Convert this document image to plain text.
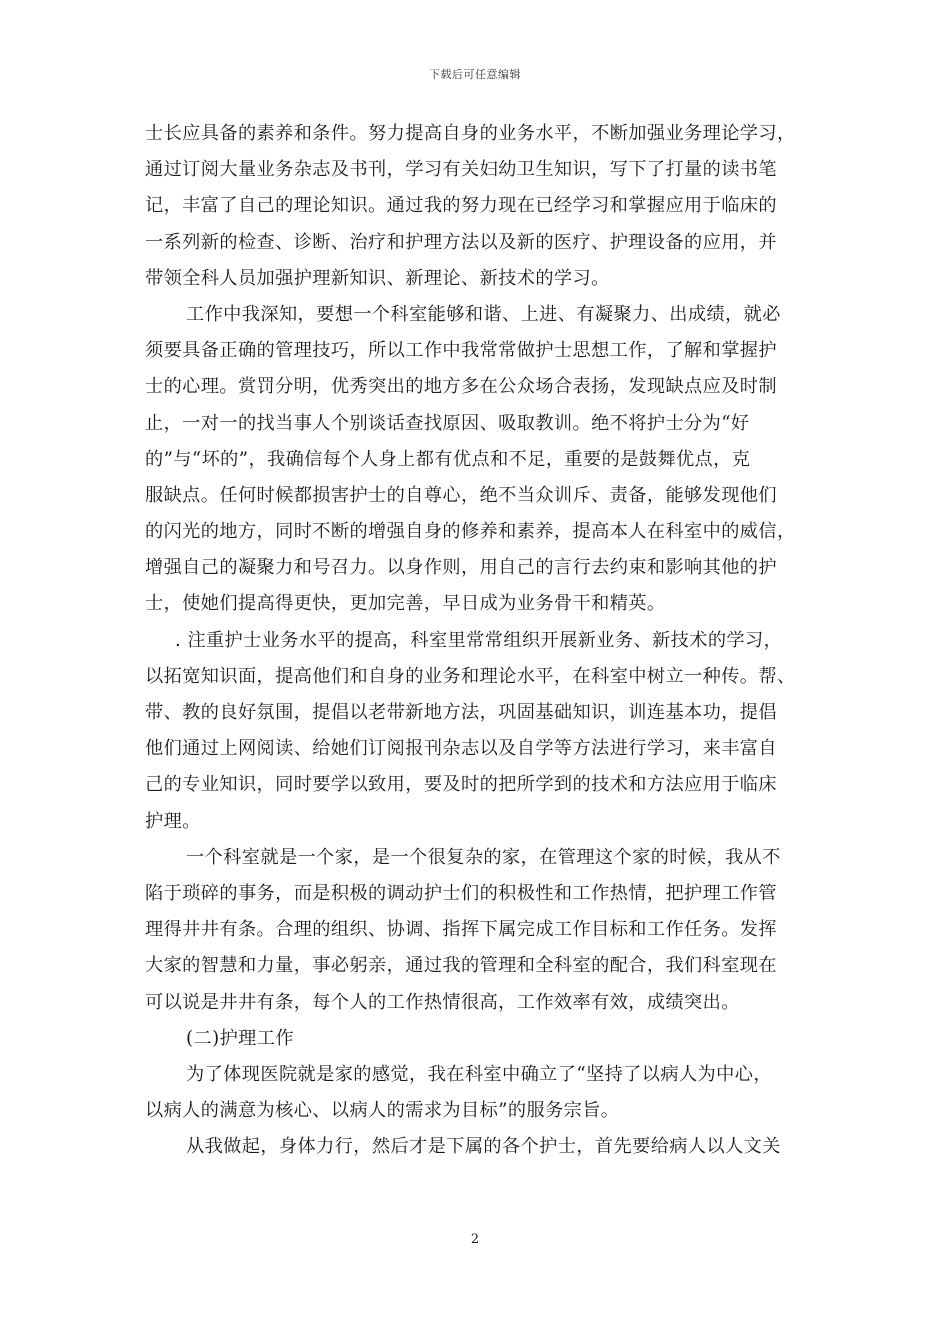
下载后可任意编辑
士长应具备的素养和条件。努力提高自身的业务水平，不断加强业务理论学习，
通过订阅大量业务杂志及书刊，学习有关妇幼卫生知识，写下了打量的读书笔
记，丰富了自己的理论知识。通过我的努力现在已经学习和掌握应用于临床的
一系列新的检查、诊断、治疗和护理方法以及新的医疗、护理设备的应用，并
带领全科人员加强护理新知识、新理论、新技术的学习。
工作中我深知，要想一个科室能够和谐、上进、有凝聚力、出成绩，就必
须要具备正确的管理技巧，所以工作中我常常做护士思想工作，了解和掌握护
士的心理。赏罚分明，优秀突出的地方多在公众场合表扬，发现缺点应及时制
止，一对一的找当事人个别谈话查找原因、吸取教训。绝不将护士分为“好
的”与“坏的”，我确信每个人身上都有优点和不足，重要的是鼓舞优点，克
服缺点。任何时候都损害护士的自尊心，绝不当众训斥、责备，能够发现他们
的闪光的地方，同时不断的增强自身的修养和素养，提高本人在科室中的威信，
增强自己的凝聚力和号召力。以身作则，用自己的言行去约束和影响其他的护
士，使她们提高得更快，更加完善，早日成为业务骨干和精英。
. 注重护士业务水平的提高，科室里常常组织开展新业务、新技术的学习，
以拓宽知识面，提高他们和自身的业务和理论水平，在科室中树立一种传。帮、
带、教的良好氛围，提倡以老带新地方法，巩固基础知识，训连基本功，提倡
他们通过上网阅读、给她们订阅报刊杂志以及自学等方法进行学习，来丰富自
己的专业知识，同时要学以致用，要及时的把所学到的技术和方法应用于临床
护理。
一个科室就是一个家，是一个很复杂的家，在管理这个家的时候，我从不
陷于琐碎的事务，而是积极的调动护士们的积极性和工作热情，把护理工作管
理得井井有条。合理的组织、协调、指挥下属完成工作目标和工作任务。发挥
大家的智慧和力量，事必躬亲，通过我的管理和全科室的配合，我们科室现在
可以说是井井有条，每个人的工作热情很高，工作效率有效，成绩突出。
(二)护理工作
为了体现医院就是家的感觉，我在科室中确立了“坚持了以病人为中心，
以病人的满意为核心、以病人的需求为目标”的服务宗旨。
从我做起，身体力行，然后才是下属的各个护士，首先要给病人以人文关
2
